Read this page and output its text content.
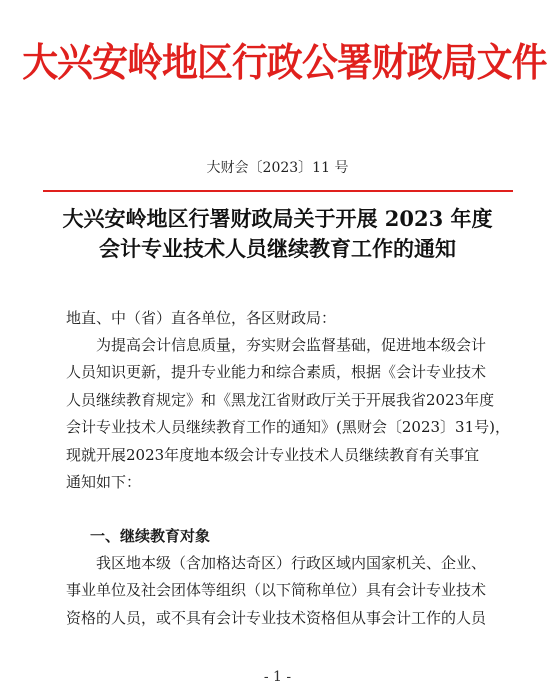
大兴安岭地区行政公署财政局文件
大财会〔2023〕11 号
大兴安岭地区行署财政局关于开展 2023 年度
会计专业技术人员继续教育工作的通知
地直、中（省）直各单位，各区财政局：
为提高会计信息质量，夯实财会监督基础，促进地本级会计
人员知识更新，提升专业能力和综合素质，根据《会计专业技术
人员继续教育规定》和《黑龙江省财政厅关于开展我省2023年度
会计专业技术人员继续教育工作的通知》(黑财会〔2023〕31号)，
现就开展2023年度地本级会计专业技术人员继续教育有关事宜
通知如下：
一、继续教育对象
我区地本级（含加格达奇区）行政区域内国家机关、企业、
事业单位及社会团体等组织（以下简称单位）具有会计专业技术
资格的人员，或不具有会计专业技术资格但从事会计工作的人员
- 1 -
